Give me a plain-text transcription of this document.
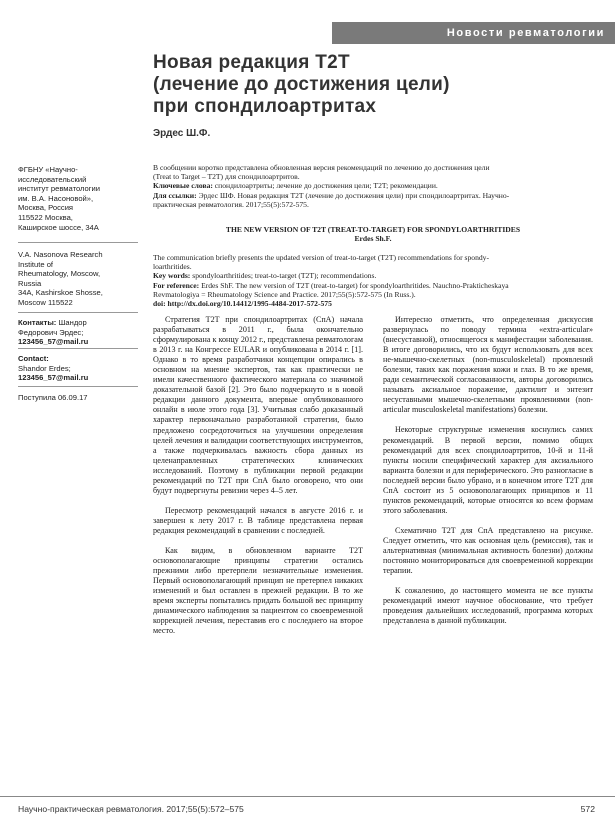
Новости ревматологии
Новая редакция T2T
(лечение до достижения цели)
при спондилоартритах
Эрдес Ш.Ф.
ФГБНУ «Научно-
исследовательский
институт ревматологии
им. В.А. Насоновой»,
Москва, Россия
115522 Москва,
Каширское шоссе, 34А
V.A. Nasonova Research
Institute of
Rheumatology, Moscow,
Russia
34A, Kashirskoe Shosse,
Moscow 115522
Контакты: Шандор
Федорович Эрдес;
123456_57@mail.ru
Contact:
Shandor Erdes;
123456_57@mail.ru
Поступила 06.09.17
В сообщении коротко представлена обновленная версия рекомендаций по лечению до достижения цели
(Treat to Target – T2T) для спондилоартритов.
Ключевые слова: спондилоартриты; лечение до достижения цели; T2T; рекомендации.
Для ссылки: Эрдес ШФ. Новая редакция T2T (лечение до достижения цели) при спондилоартритах. Научно-
практическая ревматология. 2017;55(5):572-575.
THE NEW VERSION OF T2T (TREAT-TO-TARGET) FOR SPONDYLOARTHRITIDES
Erdes Sh.F.
The communication briefly presents the updated version of treat-to-target (T2T) recommendations for spondy-
loarthritides.
Key words: spondyloarthritides; treat-to-target (T2T); recommendations.
For reference: Erdes ShF. The new version of T2T (treat-to-target) for spondyloarthritides. Nauchno-Prakticheskaya
Revmatologiya = Rheumatology Science and Practice. 2017;55(5):572-575 (In Russ.).
doi: http://dx.doi.org/10.14412/1995-4484-2017-572-575

Стратегия T2T при спондилоартритах (СпА) начала разрабатываться в 2011 г., была окончательно сформулирована к концу 2012 г., представлена ревматологам в 2013 г. на Конгрессе EULAR и опубликована в 2014 г. [1]. Однако в то время разработчики концепции опирались в основном на мнение экспертов, так как практически не имели качественного фактического материала со значимой доказательной базой [2]. Это было подчеркнуто и в новой редакции данного документа, впервые опубликованного онлайн в июле этого года [3]. Учитывая слабо доказанный характер первоначально разработанной стратегии, было предложено сосредоточиться на улучшении определения целей лечения и валидации соответствующих инструментов, а также подчеркивалась важность сбора данных из целенаправленных стратегических клинических исследований. Поэтому в публикации первой редакции рекомендаций по T2T при СпА было оговорено, что они будут подвергнуты ревизии через 4–5 лет.

Пересмотр рекомендаций начался в августе 2016 г. и завершен к лету 2017 г. В таблице представлена первая редакция рекомендаций в сравнении с последней.

Как видим, в обновленном варианте T2T основополагающие принципы стратегии остались прежними либо претерпели незначительные изменения. Первый основополагающий принцип не претерпел никаких изменений и был оставлен в прежней редакции. В то же время эксперты попытались придать большой вес принципу динамического наблюдения за пациентом со своевременной коррекцией лечения, переставив его с последнего на второе место.

Интересно отметить, что определенная дискуссия развернулась по поводу термина «extra-articular» (внесуставной), относящегося к манифестации заболевания. В итоге договорились, что их будут использовать для всех не-мышечно-скелетных (non-musculoskeletal) проявлений болезни, таких как поражения кожи и глаз. В то же время, ради семантической согласованности, авторы договорились называть аксиальное поражение, дактилит и энтезит несуставными мышечно-скелетными проявлениями (non-articular musculoskeletal manifestations) болезни.

Некоторые структурные изменения коснулись самих рекомендаций. В первой версии, помимо общих рекомендаций для всех спондилоартритов, 10-й и 11-й пункты носили специфический характер для аксиального варианта болезни и для периферического. Это разногласие в последней версии было убрано, и в конечном итоге T2T для СпА состоит из 5 основополагающих принципов и 11 пунктов рекомендаций, которые относятся ко всем формам этого заболевания.

Схематично T2T для СпА представлено на рисунке. Следует отметить, что как основная цель (ремиссия), так и альтернативная (минимальная активность болезни) должны постоянно мониторироваться для своевременной коррекции терапии.

К сожалению, до настоящего момента не все пункты рекомендаций имеют научное обоснование, что требует проведения дальнейших исследований, программа которых представлена в данной публикации.

Научно-практическая ревматология. 2017;55(5):572–575	572
